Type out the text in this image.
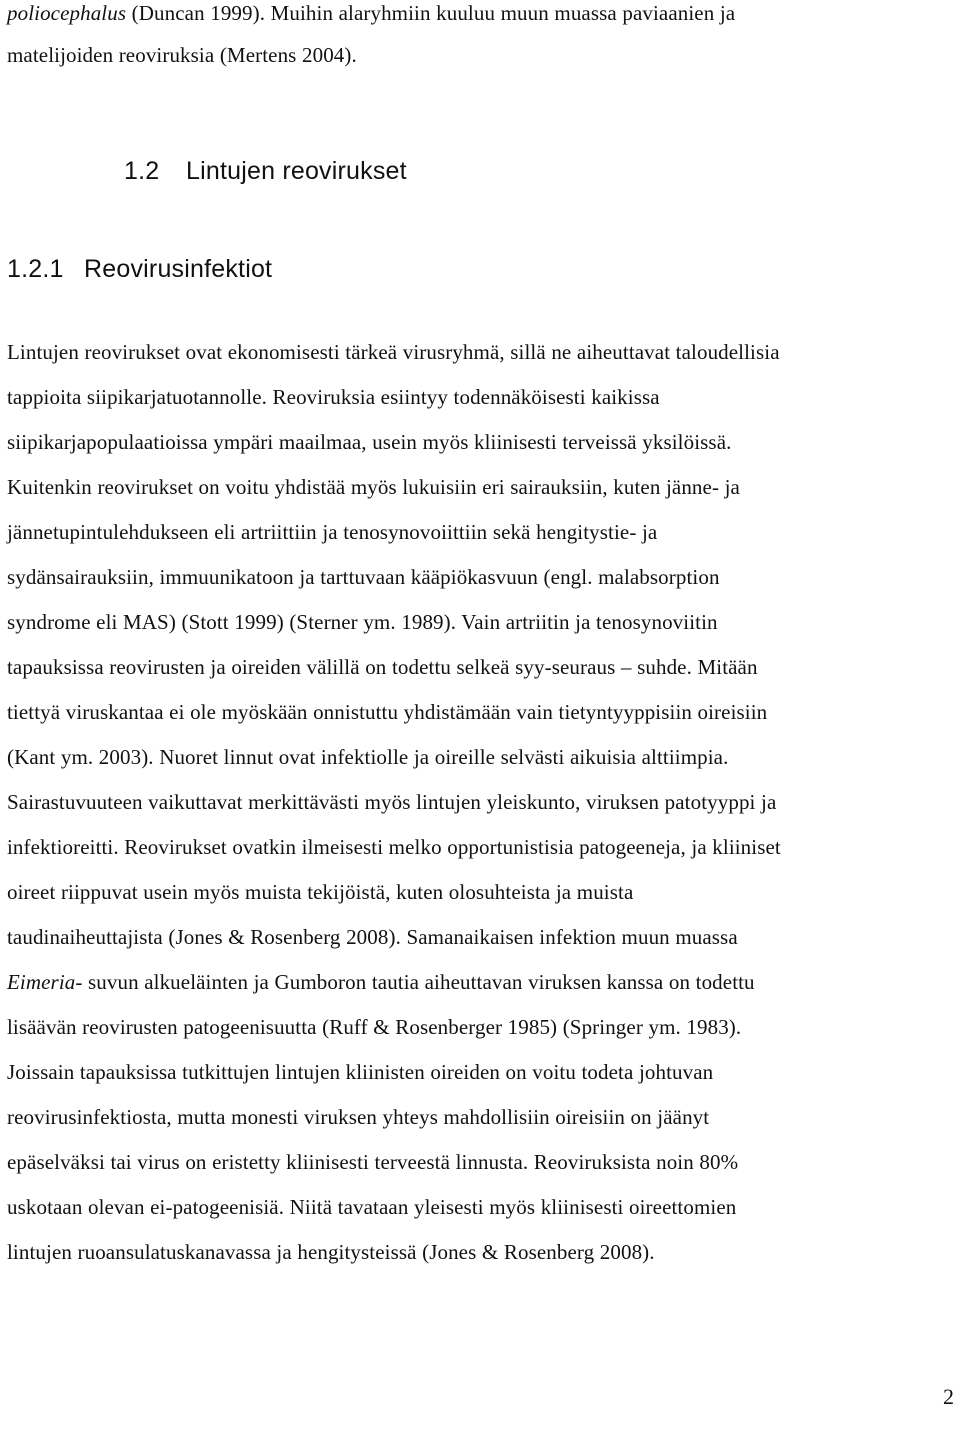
poliocephalus (Duncan 1999). Muihin alaryhmiin kuuluu muun muassa paviaanien ja
matelijoiden reoviruksia (Mertens 2004).
1.2 Lintujen reovirukset
1.2.1 Reovirusinfektiot
Lintujen reovirukset ovat ekonomisesti tärkeä virusryhmä, sillä ne aiheuttavat taloudellisia
tappioita siipikarjatuotannolle. Reoviruksia esiintyy todennäköisesti kaikissa
siipikarjapopulaatioissa ympäri maailmaa, usein myös kliinisesti terveissä yksilöissä.
Kuitenkin reovirukset on voitu yhdistää myös lukuisiin eri sairauksiin, kuten jänne- ja
jännetupintulehdukseen eli artriittiin ja tenosynovoiittiin sekä hengitystie- ja
sydänsairauksiin, immuunikatoon ja tarttuvaan kääpiökasvuun (engl. malabsorption
syndrome eli MAS) (Stott 1999) (Sterner ym. 1989). Vain artriitin ja tenosynoviitin
tapauksissa reovirusten ja oireiden välillä on todettu selkeä syy-seuraus – suhde. Mitään
tiettyä viruskantaa ei ole myöskään onnistuttu yhdistämään vain tietyntyyppisiin oireisiin
(Kant ym. 2003). Nuoret linnut ovat infektiolle ja oireille selvästi aikuisia alttiimpia.
Sairastuvuuteen vaikuttavat merkittävästi myös lintujen yleiskunto, viruksen patotyyppi ja
infektioreitti. Reovirukset ovatkin ilmeisesti melko opportunistisia patogeeneja, ja kliiniset
oireet riippuvat usein myös muista tekijöistä, kuten olosuhteista ja muista
taudinaiheuttajista (Jones & Rosenberg 2008). Samanaikaisen infektion muun muassa
Eimeria- suvun alkueläinten ja Gumboron tautia aiheuttavan viruksen kanssa on todettu
lisäävän reovirusten patogeenisuutta (Ruff & Rosenberger 1985) (Springer ym. 1983).
Joissain tapauksissa tutkittujen lintujen kliinisten oireiden on voitu todeta johtuvan
reovirusinfektiosta, mutta monesti viruksen yhteys mahdollisiin oireisiin on jäänyt
epäselväksi tai virus on eristetty kliinisesti terveestä linnusta. Reoviruksista noin 80%
uskotaan olevan ei-patogeenisiä. Niitä tavataan yleisesti myös kliinisesti oireettomien
lintujen ruoansulatuskanavassa ja hengitysteissä (Jones & Rosenberg 2008).
2
